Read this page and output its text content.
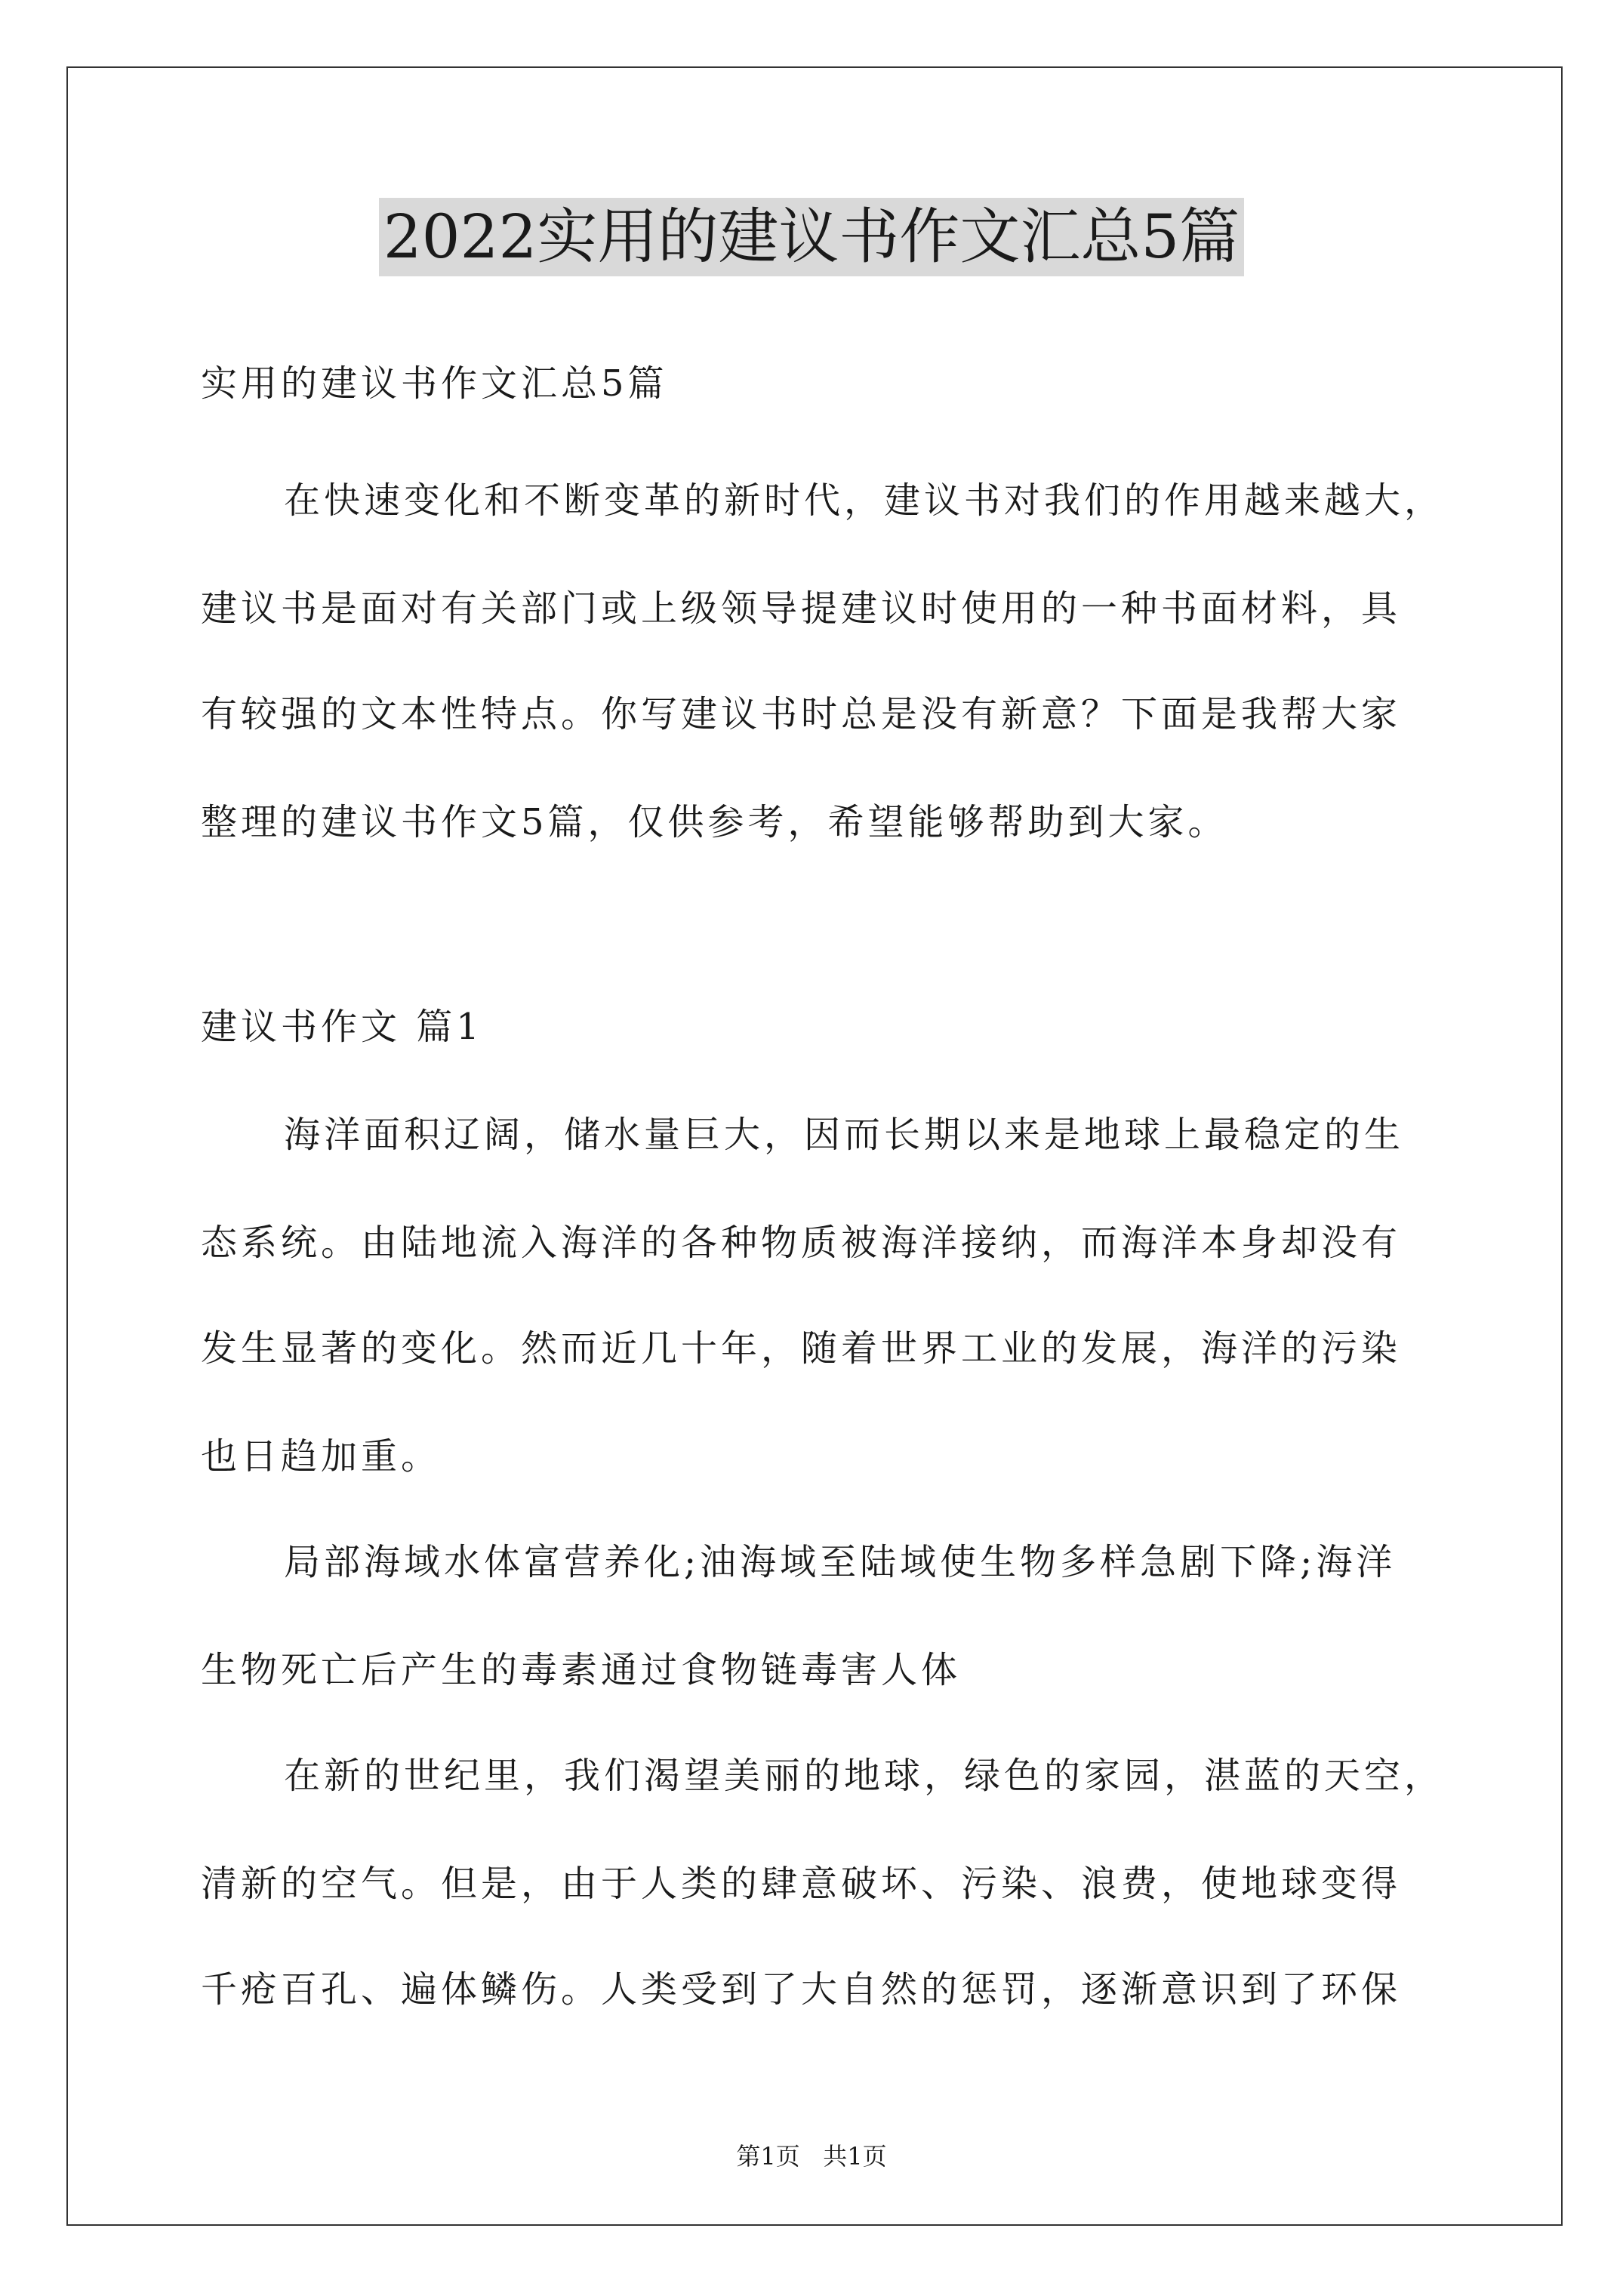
2022实用的建议书作文汇总5篇
实用的建议书作文汇总5篇
在快速变化和不断变革的新时代，建议书对我们的作用越来越大，
建议书是面对有关部门或上级领导提建议时使用的一种书面材料，具
有较强的文本性特点。你写建议书时总是没有新意？下面是我帮大家
整理的建议书作文5篇，仅供参考，希望能够帮助到大家。
建议书作文 篇1
海洋面积辽阔，储水量巨大，因而长期以来是地球上最稳定的生
态系统。由陆地流入海洋的各种物质被海洋接纳，而海洋本身却没有
发生显著的变化。然而近几十年，随着世界工业的发展，海洋的污染
也日趋加重。
局部海域水体富营养化;油海域至陆域使生物多样急剧下降;海洋
生物死亡后产生的毒素通过食物链毒害人体
在新的世纪里，我们渴望美丽的地球，绿色的家园，湛蓝的天空，
清新的空气。但是，由于人类的肆意破坏、污染、浪费，使地球变得
千疮百孔、遍体鳞伤。人类受到了大自然的惩罚，逐渐意识到了环保
第1页   共1页
